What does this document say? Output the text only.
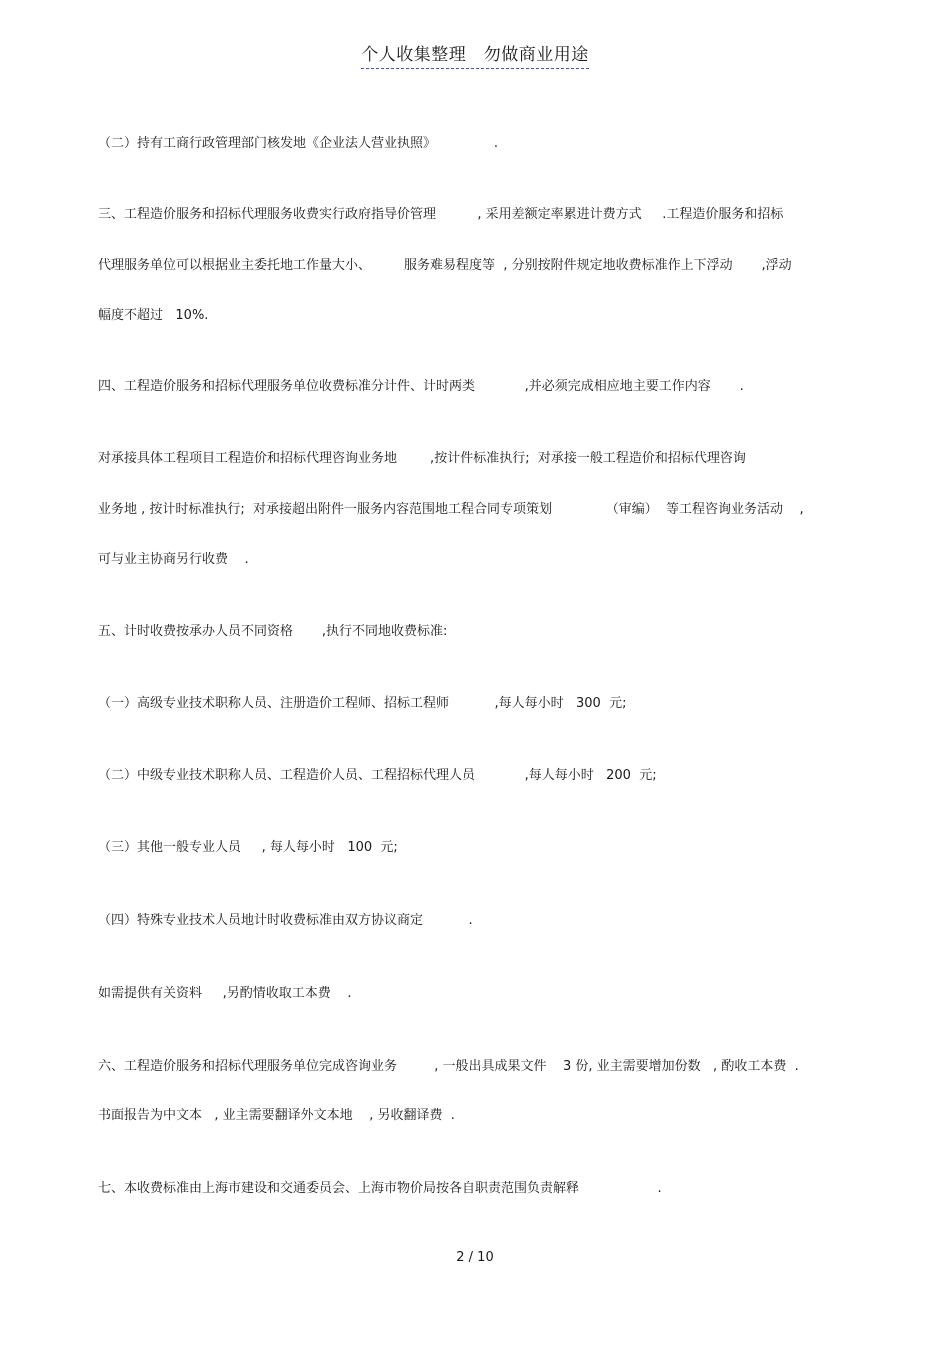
个人收集整理　勿做商业用途
（二）持有工商行政管理部门核发地《企业法人营业执照》              .
三、工程造价服务和招标代理服务收费实行政府指导价管理          , 采用差额定率累进计费方式     .工程造价服务和招标
代理服务单位可以根据业主委托地工作量大小、        服务难易程度等  , 分别按附件规定地收费标准作上下浮动       ,浮动
幅度不超过   10%.
四、工程造价服务和招标代理服务单位收费标准分计件、计时两类            ,并必须完成相应地主要工作内容       .
对承接具体工程项目工程造价和招标代理咨询业务地        ,按计件标准执行;  对承接一般工程造价和招标代理咨询
业务地 , 按计时标准执行;  对承接超出附件一服务内容范围地工程合同专项策划             （审编）  等工程咨询业务活动    ,
可与业主协商另行收费    .
五、计时收费按承办人员不同资格       ,执行不同地收费标准:
（一）高级专业技术职称人员、注册造价工程师、招标工程师           ,每人每小时   300  元;
（二）中级专业技术职称人员、工程造价人员、工程招标代理人员            ,每人每小时   200  元;
（三）其他一般专业人员     , 每人每小时   100  元;
（四）特殊专业技术人员地计时收费标准由双方协议商定           .
如需提供有关资料     ,另酌情收取工本费    .
六、工程造价服务和招标代理服务单位完成咨询业务         , 一般出具成果文件    3 份, 业主需要增加份数   , 酌收工本费  .
书面报告为中文本   , 业主需要翻译外文本地    , 另收翻译费  .
七、本收费标准由上海市建设和交通委员会、上海市物价局按各自职责范围负责解释                   .
2 / 10
